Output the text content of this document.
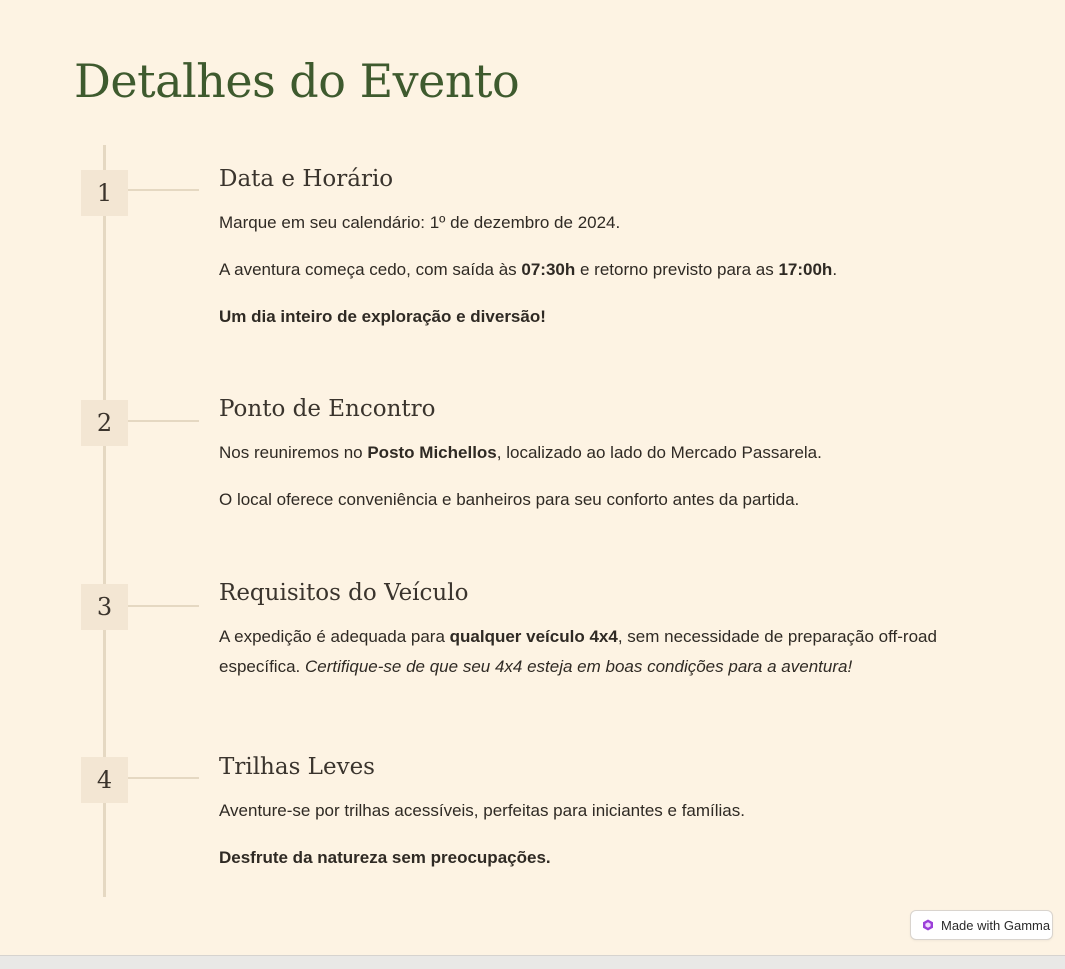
Detalhes do Evento
1	Data e Horário

Marque em seu calendário: 1º de dezembro de 2024.

A aventura começa cedo, com saída às 07:30h e retorno previsto para as 17:00h.

Um dia inteiro de exploração e diversão!

2	Ponto de Encontro

Nos reuniremos no Posto Michellos, localizado ao lado do Mercado Passarela.

O local oferece conveniência e banheiros para seu conforto antes da partida.

3	Requisitos do Veículo

A expedição é adequada para qualquer veículo 4x4, sem necessidade de preparação off-road específica. Certifique-se de que seu 4x4 esteja em boas condições para a aventura!

4	Trilhas Leves

Aventure-se por trilhas acessíveis, perfeitas para iniciantes e famílias.

Desfrute da natureza sem preocupações.

Made with Gamma
